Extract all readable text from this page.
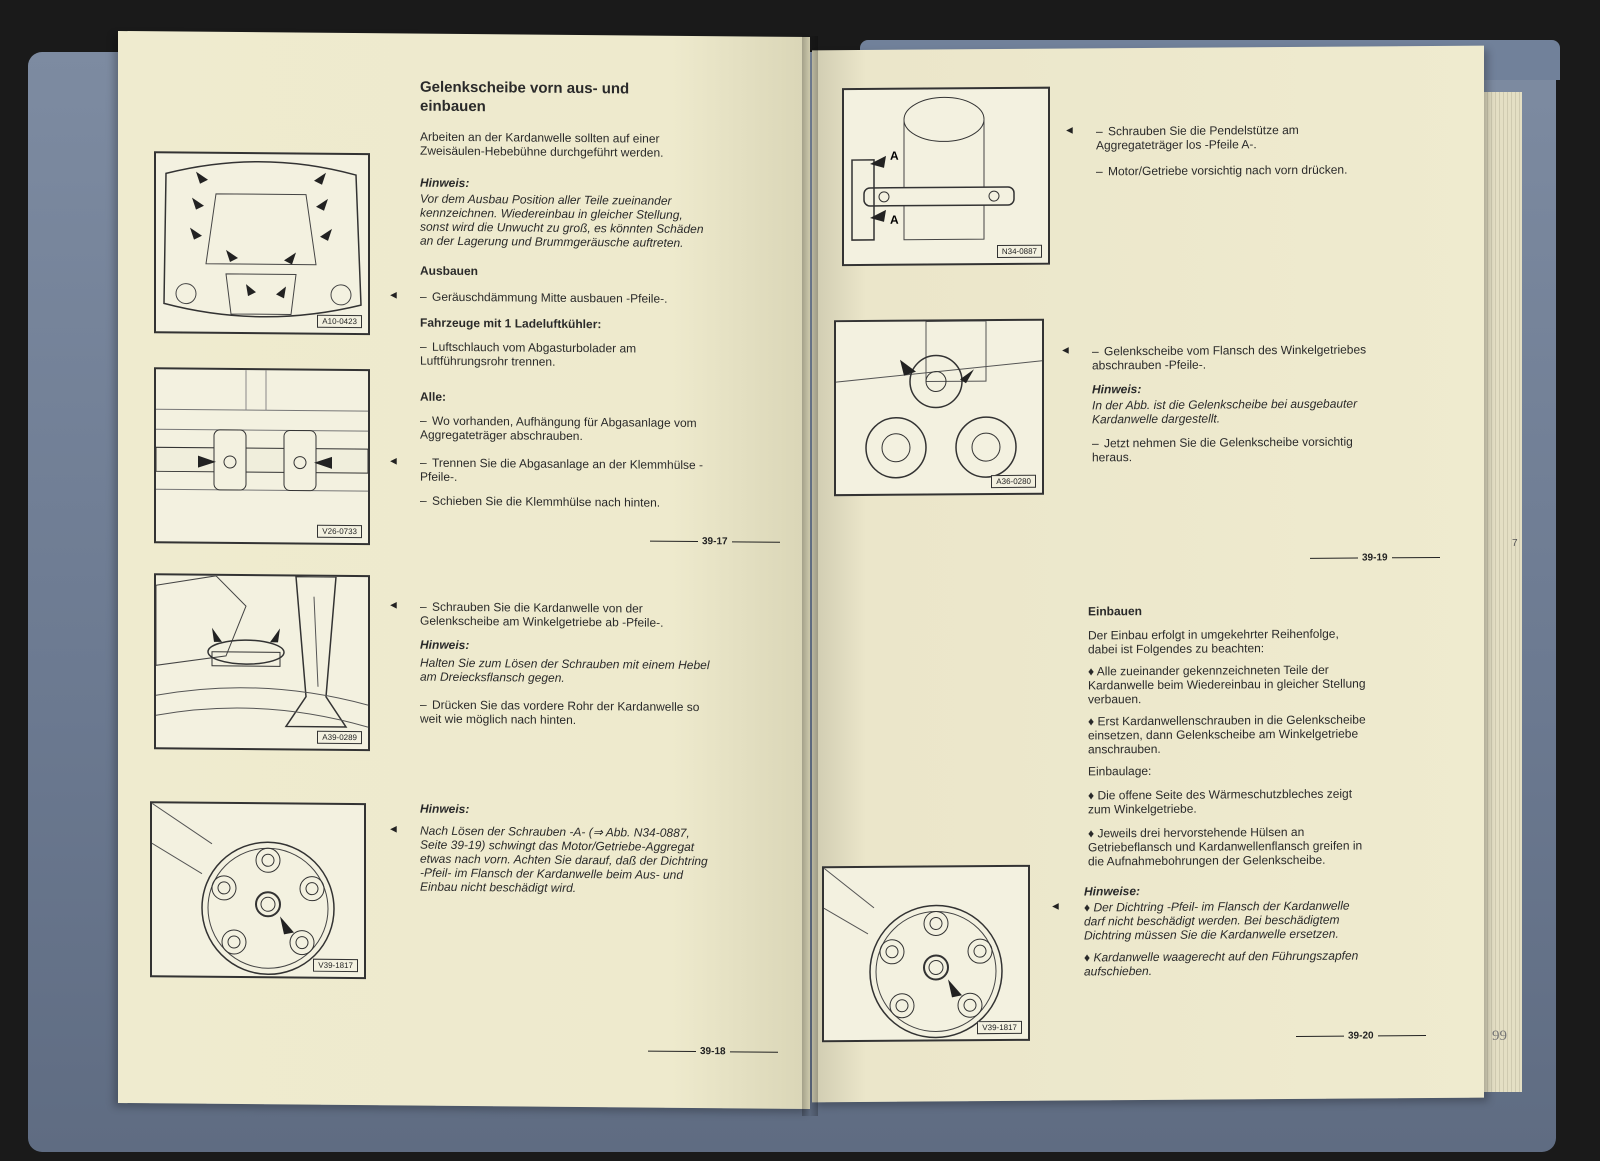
99
7
Gelenkscheibe vorn aus- und einbauen
Arbeiten an der Kardanwelle sollten auf einer Zweisäulen-Hebebühne durchgeführt werden.
Hinweis:
Vor dem Ausbau Position aller Teile zueinander kennzeichnen. Wiedereinbau in gleicher Stellung, sonst wird die Unwucht zu groß, es könnten Schäden an der Lagerung und Brummgeräusche auftreten.
Ausbauen
◄ – Geräuschdämmung Mitte ausbauen -Pfeile-.
Fahrzeuge mit 1 Ladeluftkühler:
– Luftschlauch vom Abgasturbolader am Luftführungsrohr trennen.
Alle:
– Wo vorhanden, Aufhängung für Abgasanlage vom Aggregateträger abschrauben.
◄ – Trennen Sie die Abgasanlage an der Klemmhülse -Pfeile-.
– Schieben Sie die Klemmhülse nach hinten.
39-17
◄ – Schrauben Sie die Kardanwelle von der Gelenkscheibe am Winkelgetriebe ab -Pfeile-.
Hinweis:
Halten Sie zum Lösen der Schrauben mit einem Hebel am Dreiecksflansch gegen.
– Drücken Sie das vordere Rohr der Kardanwelle so weit wie möglich nach hinten.
Hinweis:
◄ Nach Lösen der Schrauben -A- (⇒ Abb. N34-0887, Seite 39-19) schwingt das Motor/Getriebe-Aggregat etwas nach vorn. Achten Sie darauf, daß der Dichtring -Pfeil- im Flansch der Kardanwelle beim Aus- und Einbau nicht beschädigt wird.
39-18
A10-0423
V26-0733
A39-0289
V39-1817
A
A
N34-0887
◄ – Schrauben Sie die Pendelstütze am Aggregateträger los -Pfeile A-.
– Motor/Getriebe vorsichtig nach vorn drücken.
A36-0280
◄ – Gelenkscheibe vom Flansch des Winkelgetriebes abschrauben -Pfeile-.
Hinweis:
In der Abb. ist die Gelenkscheibe bei ausgebauter Kardanwelle dargestellt.
– Jetzt nehmen Sie die Gelenkscheibe vorsichtig heraus.
39-19
Einbauen
Der Einbau erfolgt in umgekehrter Reihenfolge, dabei ist Folgendes zu beachten:
♦ Alle zueinander gekennzeichneten Teile der Kardanwelle beim Wiedereinbau in gleicher Stellung verbauen.
♦ Erst Kardanwellenschrauben in die Gelenkscheibe einsetzen, dann Gelenkscheibe am Winkelgetriebe anschrauben.
Einbaulage:
♦ Die offene Seite des Wärmeschutzbleches zeigt zum Winkelgetriebe.
♦ Jeweils drei hervorstehende Hülsen an Getriebeflansch und Kardanwellenflansch greifen in die Aufnahmebohrungen der Gelenkscheibe.
V39-1817
Hinweise:
◄ ♦ Der Dichtring -Pfeil- im Flansch der Kardanwelle darf nicht beschädigt werden. Bei beschädigtem Dichtring müssen Sie die Kardanwelle ersetzen.
♦ Kardanwelle waagerecht auf den Führungszapfen aufschieben.
39-20
